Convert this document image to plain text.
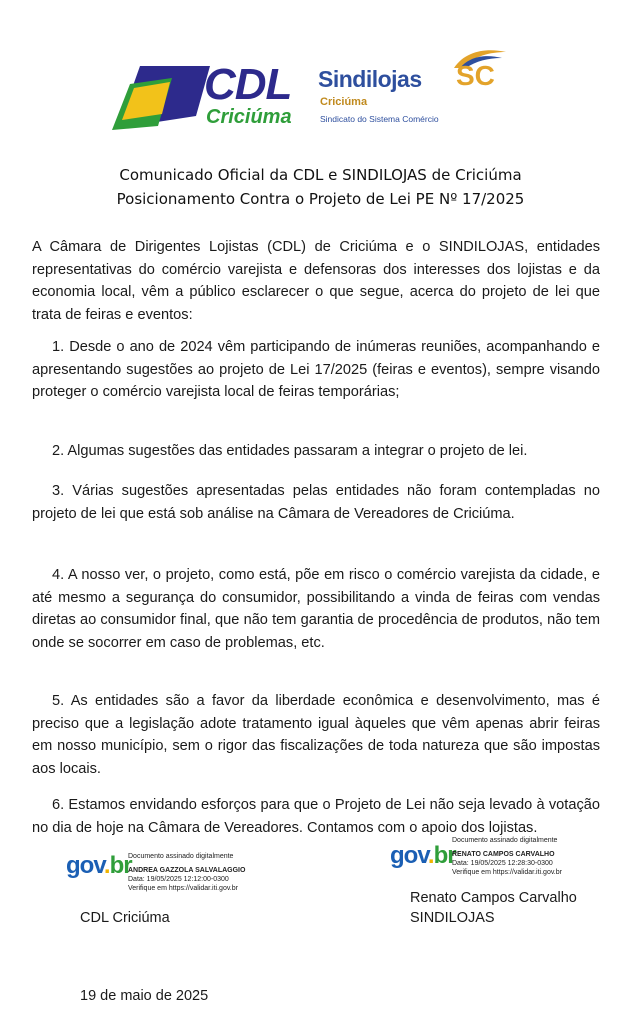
CDL
Criciúma
Sindilojas SC
Criciúma
Sindicato do Sistema Comércio
Comunicado Oficial da CDL e SINDILOJAS de Criciúma
Posicionamento Contra o Projeto de Lei PE Nº 17/2025
A Câmara de Dirigentes Lojistas (CDL) de Criciúma e o SINDILOJAS, entidades representativas do comércio varejista e defensoras dos interesses dos lojistas e da economia local, vêm a público esclarecer o que segue, acerca do projeto de lei que trata de feiras e eventos:
1. Desde o ano de 2024 vêm participando de inúmeras reuniões, acompanhando e apresentando sugestões ao projeto de Lei 17/2025 (feiras e eventos), sempre visando proteger o comércio varejista local de feiras temporárias;
2. Algumas sugestões das entidades passaram a integrar o projeto de lei.
3. Várias sugestões apresentadas pelas entidades não foram contempladas no projeto de lei que está sob análise na Câmara de Vereadores de Criciúma.
4. A nosso ver, o projeto, como está, põe em risco o comércio varejista da cidade, e até mesmo a segurança do consumidor, possibilitando a vinda de feiras com vendas diretas ao consumidor final, que não tem garantia de procedência de produtos, não tem onde se socorrer em caso de problemas, etc.
5. As entidades são a favor da liberdade econômica e desenvolvimento, mas é preciso que a legislação adote tratamento igual àqueles que vêm apenas abrir feiras em nosso município, sem o rigor das fiscalizações de toda natureza que são impostas aos locais.
6. Estamos envidando esforços para que o Projeto de Lei não seja levado à votação no dia de hoje na Câmara de Vereadores. Contamos com o apoio dos lojistas.
gov.br
Documento assinado digitalmente
ANDREA GAZZOLA SALVALAGGIO
Data: 19/05/2025 12:12:00-0300
Verifique em https://validar.iti.gov.br
CDL Criciúma
gov.br
Documento assinado digitalmente
RENATO CAMPOS CARVALHO
Data: 19/05/2025 12:28:30-0300
Verifique em https://validar.iti.gov.br
Renato Campos Carvalho
SINDILOJAS
19 de maio de 2025
